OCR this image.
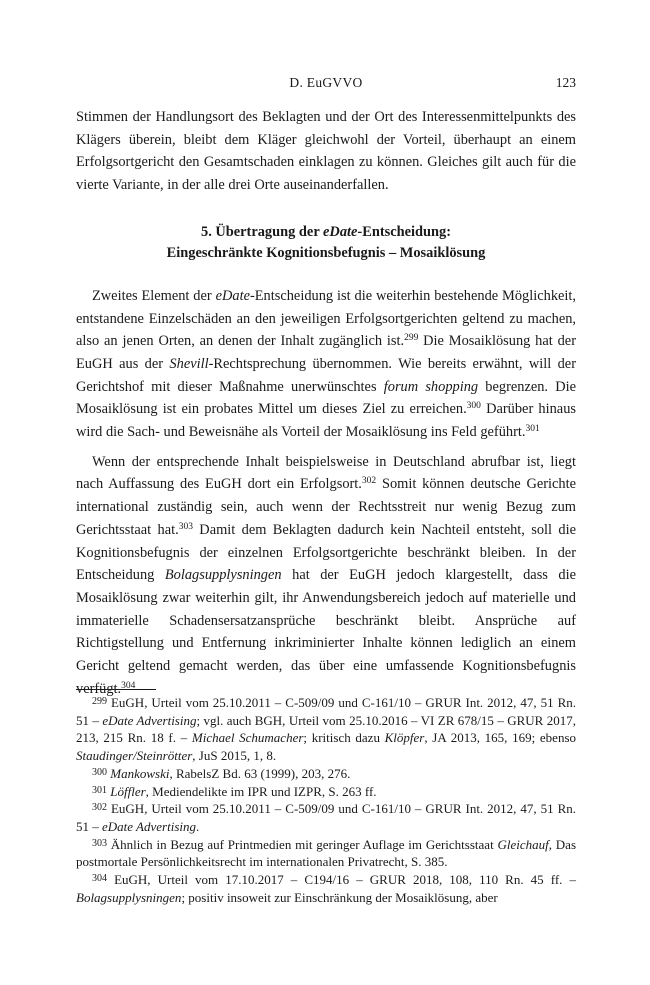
D. EuGVVO	123

Stimmen der Handlungsort des Beklagten und der Ort des Interessenmittelpunkts des Klägers überein, bleibt dem Kläger gleichwohl der Vorteil, überhaupt an einem Erfolgsortgericht den Gesamtschaden einklagen zu können. Gleiches gilt auch für die vierte Variante, in der alle drei Orte auseinanderfallen.

5. Übertragung der eDate-Entscheidung:
Eingeschränkte Kognitionsbefugnis – Mosaiklösung

Zweites Element der eDate-Entscheidung ist die weiterhin bestehende Möglichkeit, entstandene Einzelschäden an den jeweiligen Erfolgsortgerichten geltend zu machen, also an jenen Orten, an denen der Inhalt zugänglich ist.$^{299}$ Die Mosaiklösung hat der EuGH aus der Shevill-Rechtsprechung übernommen. Wie bereits erwähnt, will der Gerichtshof mit dieser Maßnahme unerwünschtes forum shopping begrenzen. Die Mosaiklösung ist ein probates Mittel um dieses Ziel zu erreichen.$^{300}$ Darüber hinaus wird die Sach- und Beweisnähe als Vorteil der Mosaiklösung ins Feld geführt.$^{301}$

Wenn der entsprechende Inhalt beispielsweise in Deutschland abrufbar ist, liegt nach Auffassung des EuGH dort ein Erfolgsort.$^{302}$ Somit können deutsche Gerichte international zuständig sein, auch wenn der Rechtsstreit nur wenig Bezug zum Gerichtsstaat hat.$^{303}$ Damit dem Beklagten dadurch kein Nachteil entsteht, soll die Kognitionsbefugnis der einzelnen Erfolgsortgerichte beschränkt bleiben. In der Entscheidung Bolagsupplysningen hat der EuGH jedoch klargestellt, dass die Mosaiklösung zwar weiterhin gilt, ihr Anwendungsbereich jedoch auf materielle und immaterielle Schadensersatzansprüche beschränkt bleibt. Ansprüche auf Richtigstellung und Entfernung inkriminierter Inhalte können lediglich an einem Gericht geltend gemacht werden, das über eine umfassende Kognitionsbefugnis verfügt.$^{304}$

$^{299}$ EuGH, Urteil vom 25.10.2011 – C-509/09 und C-161/10 – GRUR Int. 2012, 47, 51 Rn. 51 – eDate Advertising; vgl. auch BGH, Urteil vom 25.10.2016 – VI ZR 678/15 – GRUR 2017, 213, 215 Rn. 18 f. – Michael Schumacher; kritisch dazu Klöpfer, JA 2013, 165, 169; ebenso Staudinger/Steinrötter, JuS 2015, 1, 8.

$^{300}$ Mankowski, RabelsZ Bd. 63 (1999), 203, 276.

$^{301}$ Löffler, Mediendelikte im IPR und IZPR, S. 263 ff.

$^{302}$ EuGH, Urteil vom 25.10.2011 – C-509/09 und C-161/10 – GRUR Int. 2012, 47, 51 Rn. 51 – eDate Advertising.

$^{303}$ Ähnlich in Bezug auf Printmedien mit geringer Auflage im Gerichtsstaat Gleichauf, Das postmortale Persönlichkeitsrecht im internationalen Privatrecht, S. 385.

$^{304}$ EuGH, Urteil vom 17.10.2017 – C194/16 – GRUR 2018, 108, 110 Rn. 45 ff. – Bolagsupplysningen; positiv insoweit zur Einschränkung der Mosaiklösung, aber
